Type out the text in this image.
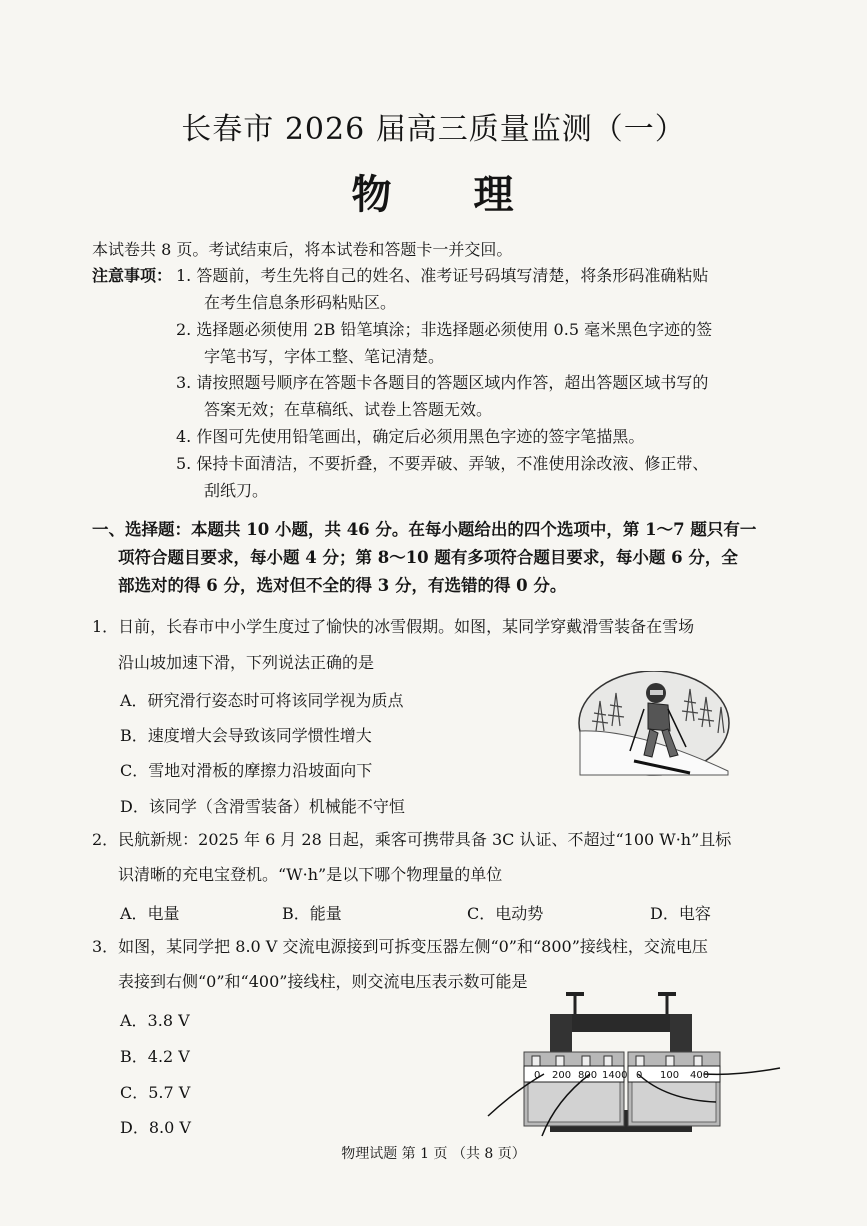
长春市 2026 届高三质量监测（一）
物 理
本试卷共 8 页。考试结束后，将本试卷和答题卡一并交回。
注意事项： 1. 答题前，考生先将自己的姓名、准考证号码填写清楚，将条形码准确粘贴
在考生信息条形码粘贴区。
2. 选择题必须使用 2B 铅笔填涂；非选择题必须使用 0.5 毫米黑色字迹的签
字笔书写，字体工整、笔记清楚。
3. 请按照题号顺序在答题卡各题目的答题区域内作答，超出答题区域书写的
答案无效；在草稿纸、试卷上答题无效。
4. 作图可先使用铅笔画出，确定后必须用黑色字迹的签字笔描黑。
5. 保持卡面清洁，不要折叠，不要弄破、弄皱，不准使用涂改液、修正带、
刮纸刀。
一、选择题：本题共 10 小题，共 46 分。在每小题给出的四个选项中，第 1～7 题只有一
项符合题目要求，每小题 4 分；第 8～10 题有多项符合题目要求，每小题 6 分，全
部选对的得 6 分，选对但不全的得 3 分，有选错的得 0 分。
1．日前，长春市中小学生度过了愉快的冰雪假期。如图，某同学穿戴滑雪装备在雪场
沿山坡加速下滑，下列说法正确的是
A．研究滑行姿态时可将该同学视为质点
B．速度增大会导致该同学惯性增大
C．雪地对滑板的摩擦力沿坡面向下
D．该同学（含滑雪装备）机械能不守恒
2．民航新规：2025 年 6 月 28 日起，乘客可携带具备 3C 认证、不超过“100 W·h”且标
识清晰的充电宝登机。“W·h”是以下哪个物理量的单位
A．电量	B．能量	C．电动势	D．电容
3．如图，某同学把 8.0 V 交流电源接到可拆变压器左侧“0”和“800”接线柱，交流电压
表接到右侧“0”和“400”接线柱，则交流电压表示数可能是
A．3.8 V
B．4.2 V
C．5.7 V
D．8.0 V
0 200 800 1400 0 100 400
物理试题 第 1 页 （共 8 页）
